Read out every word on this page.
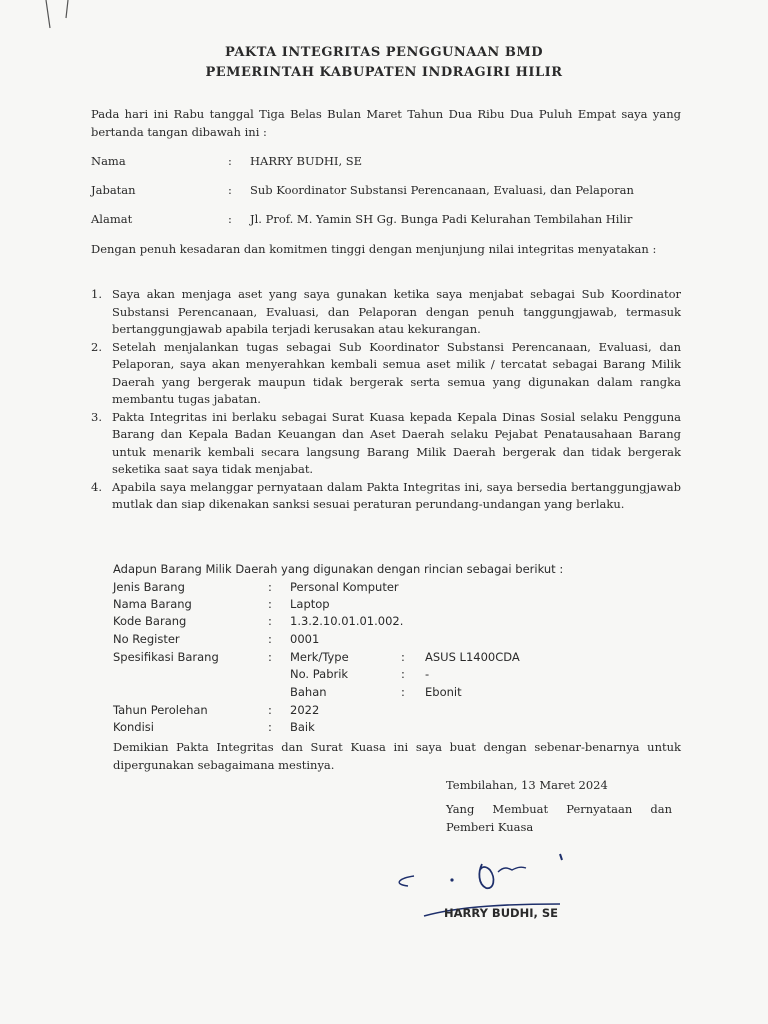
PAKTA INTEGRITAS PENGGUNAAN BMD
PEMERINTAH KABUPATEN INDRAGIRI HILIR
Pada hari ini Rabu tanggal Tiga Belas Bulan Maret Tahun Dua Ribu Dua Puluh Empat saya yang bertanda tangan dibawah ini :
Nama	: HARRY BUDHI, SE
Jabatan	: Sub Koordinator Substansi Perencanaan, Evaluasi, dan Pelaporan
Alamat	: Jl. Prof. M. Yamin SH Gg. Bunga Padi Kelurahan Tembilahan Hilir
Dengan penuh kesadaran dan komitmen tinggi dengan menjunjung nilai integritas menyatakan :
1. Saya akan menjaga aset yang saya gunakan ketika saya menjabat sebagai Sub Koordinator Substansi Perencanaan, Evaluasi, dan Pelaporan dengan penuh tanggungjawab, termasuk bertanggungjawab apabila terjadi kerusakan atau kekurangan.
2. Setelah menjalankan tugas sebagai Sub Koordinator Substansi Perencanaan, Evaluasi, dan Pelaporan, saya akan menyerahkan kembali semua aset milik / tercatat sebagai Barang Milik Daerah yang bergerak maupun tidak bergerak serta semua yang digunakan dalam rangka membantu tugas jabatan.
3. Pakta Integritas ini berlaku sebagai Surat Kuasa kepada Kepala Dinas Sosial selaku Pengguna Barang dan Kepala Badan Keuangan dan Aset Daerah selaku Pejabat Penatausahaan Barang untuk menarik kembali secara langsung Barang Milik Daerah bergerak dan tidak bergerak seketika saat saya tidak menjabat.
4. Apabila saya melanggar pernyataan dalam Pakta Integritas ini, saya bersedia bertanggungjawab mutlak dan siap dikenakan sanksi sesuai peraturan perundang-undangan yang berlaku.
Adapun Barang Milik Daerah yang digunakan dengan rincian sebagai berikut :
Jenis Barang	: Personal Komputer
Nama Barang	: Laptop
Kode Barang	: 1.3.2.10.01.01.002.
No Register	: 0001
Spesifikasi Barang	: Merk/Type	: ASUS L1400CDA
No. Pabrik	: -
Bahan	: Ebonit
Tahun Perolehan	: 2022
Kondisi	: Baik
Demikian Pakta Integritas dan Surat Kuasa ini saya buat dengan sebenar-benarnya untuk dipergunakan sebagaimana mestinya.
Tembilahan, 13 Maret 2024
Yang Membuat Pernyataan dan
Pemberi Kuasa
HARRY BUDHI, SE
